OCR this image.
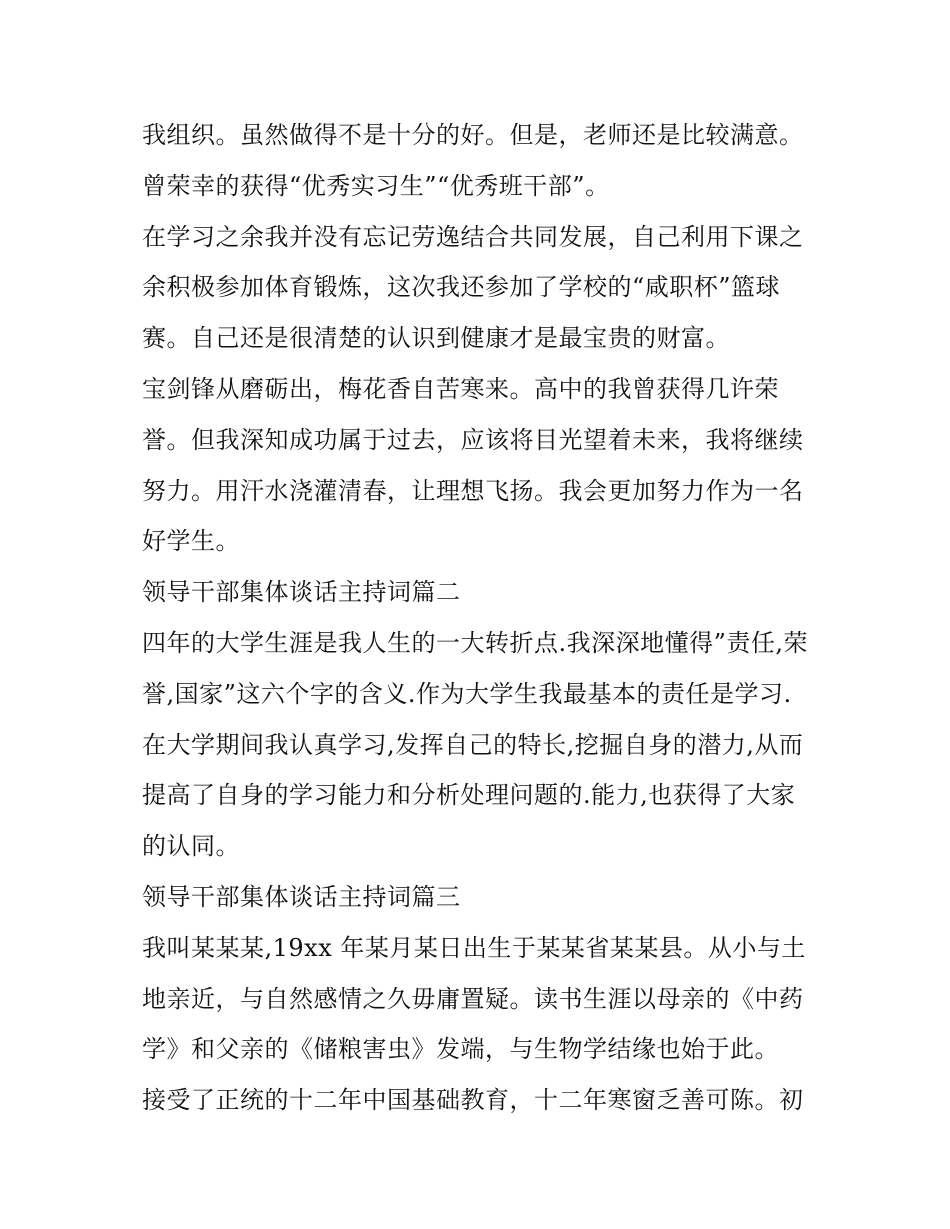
我组织。虽然做得不是十分的好。但是，老师还是比较满意。
曾荣幸的获得“优秀实习生”“优秀班干部”。
在学习之余我并没有忘记劳逸结合共同发展，自己利用下课之
余积极参加体育锻炼，这次我还参加了学校的“咸职杯”篮球
赛。自己还是很清楚的认识到健康才是最宝贵的财富。
宝剑锋从磨砺出，梅花香自苦寒来。高中的我曾获得几许荣
誉。但我深知成功属于过去，应该将目光望着未来，我将继续
努力。用汗水浇灌清春，让理想飞扬。我会更加努力作为一名
好学生。
领导干部集体谈话主持词篇二
四年的大学生涯是我人生的一大转折点.我深深地懂得”责任,荣
誉,国家”这六个字的含义.作为大学生我最基本的责任是学习.
在大学期间我认真学习,发挥自己的特长,挖掘自身的潜力,从而
提高了自身的学习能力和分析处理问题的.能力,也获得了大家
的认同。
领导干部集体谈话主持词篇三
我叫某某某,19xx 年某月某日出生于某某省某某县。从小与土
地亲近，与自然感情之久毋庸置疑。读书生涯以母亲的《中药
学》和父亲的《储粮害虫》发端，与生物学结缘也始于此。
接受了正统的十二年中国基础教育，十二年寒窗乏善可陈。初
